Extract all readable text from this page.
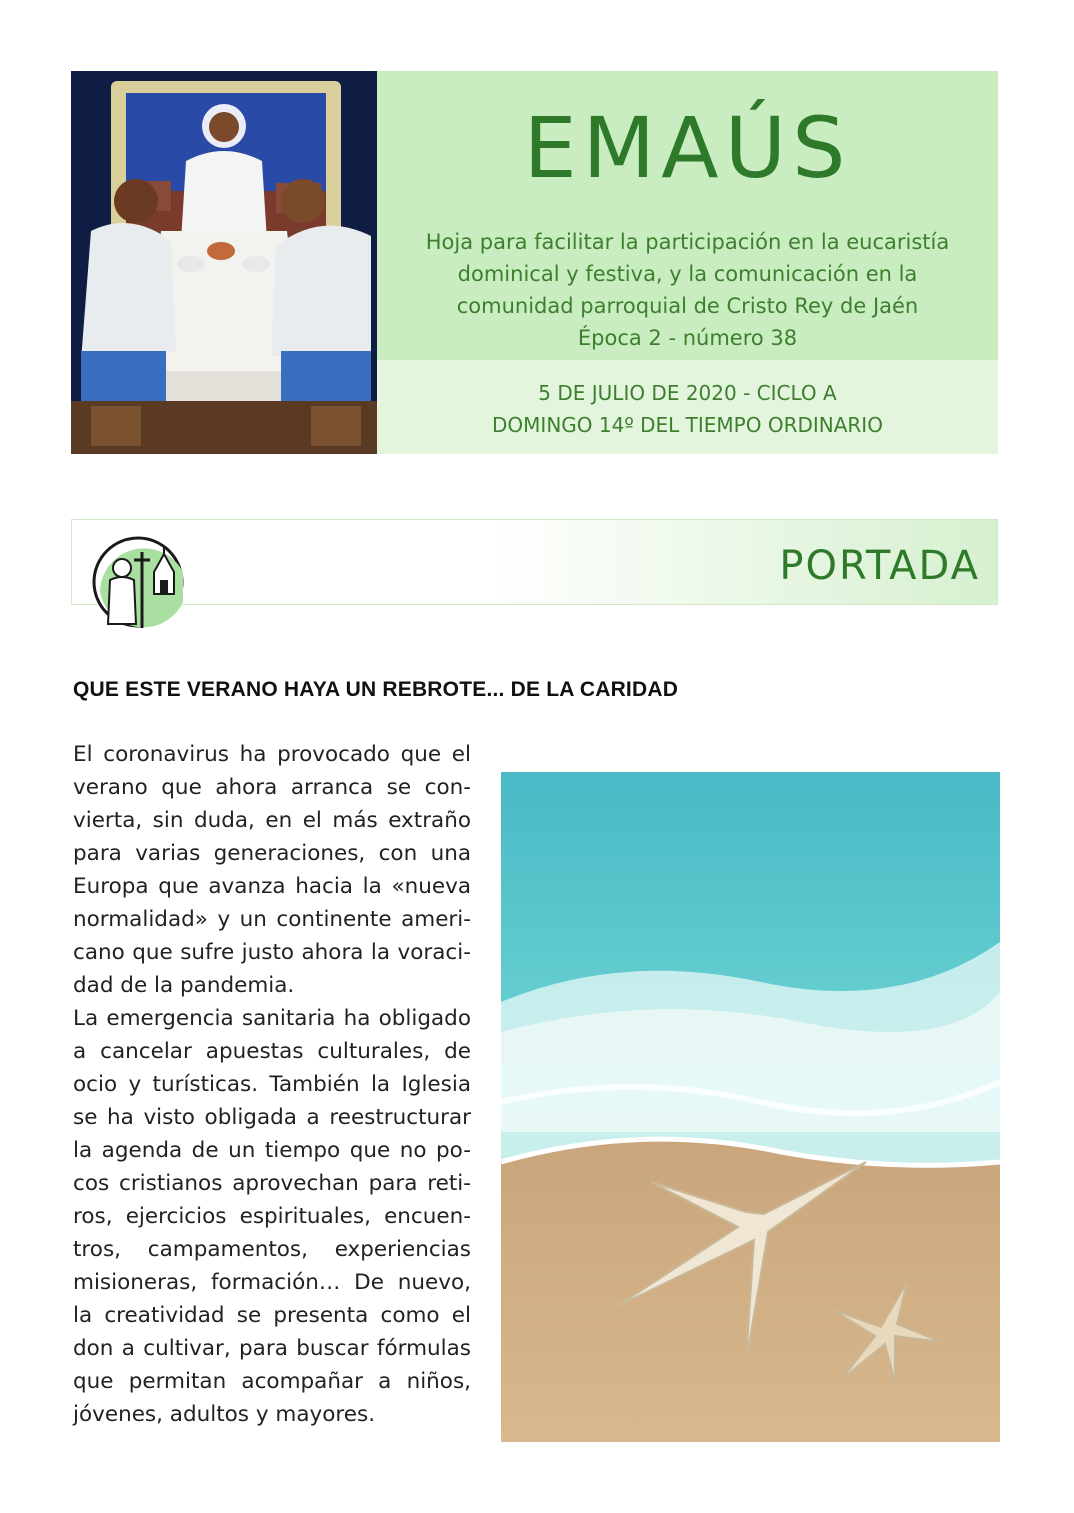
EMAÚS
Hoja para facilitar la participación en la eucaristía
dominical y festiva, y la comunicación en la
comunidad parroquial de Cristo Rey de Jaén
Época 2 - número 38
5 DE JULIO DE 2020 - CICLO A
DOMINGO 14º DEL TIEMPO ORDINARIO
PORTADA
QUE ESTE VERANO HAYA UN REBROTE... DE LA CARIDAD
El coronavirus ha provocado que el
verano que ahora arranca se con-
vierta, sin duda, en el más extraño
para varias generaciones, con una
Europa que avanza hacia la «nueva
normalidad» y un continente ameri-
cano que sufre justo ahora la voraci-
dad de la pandemia.
La emergencia sanitaria ha obligado
a cancelar apuestas culturales, de
ocio y turísticas. También la Iglesia
se ha visto obligada a reestructurar
la agenda de un tiempo que no po-
cos cristianos aprovechan para reti-
ros, ejercicios espirituales, encuen-
tros, campamentos, experiencias
misioneras, formación… De nuevo,
la creatividad se presenta como el
don a cultivar, para buscar fórmulas
que permitan acompañar a niños,
jóvenes, adultos y mayores.
